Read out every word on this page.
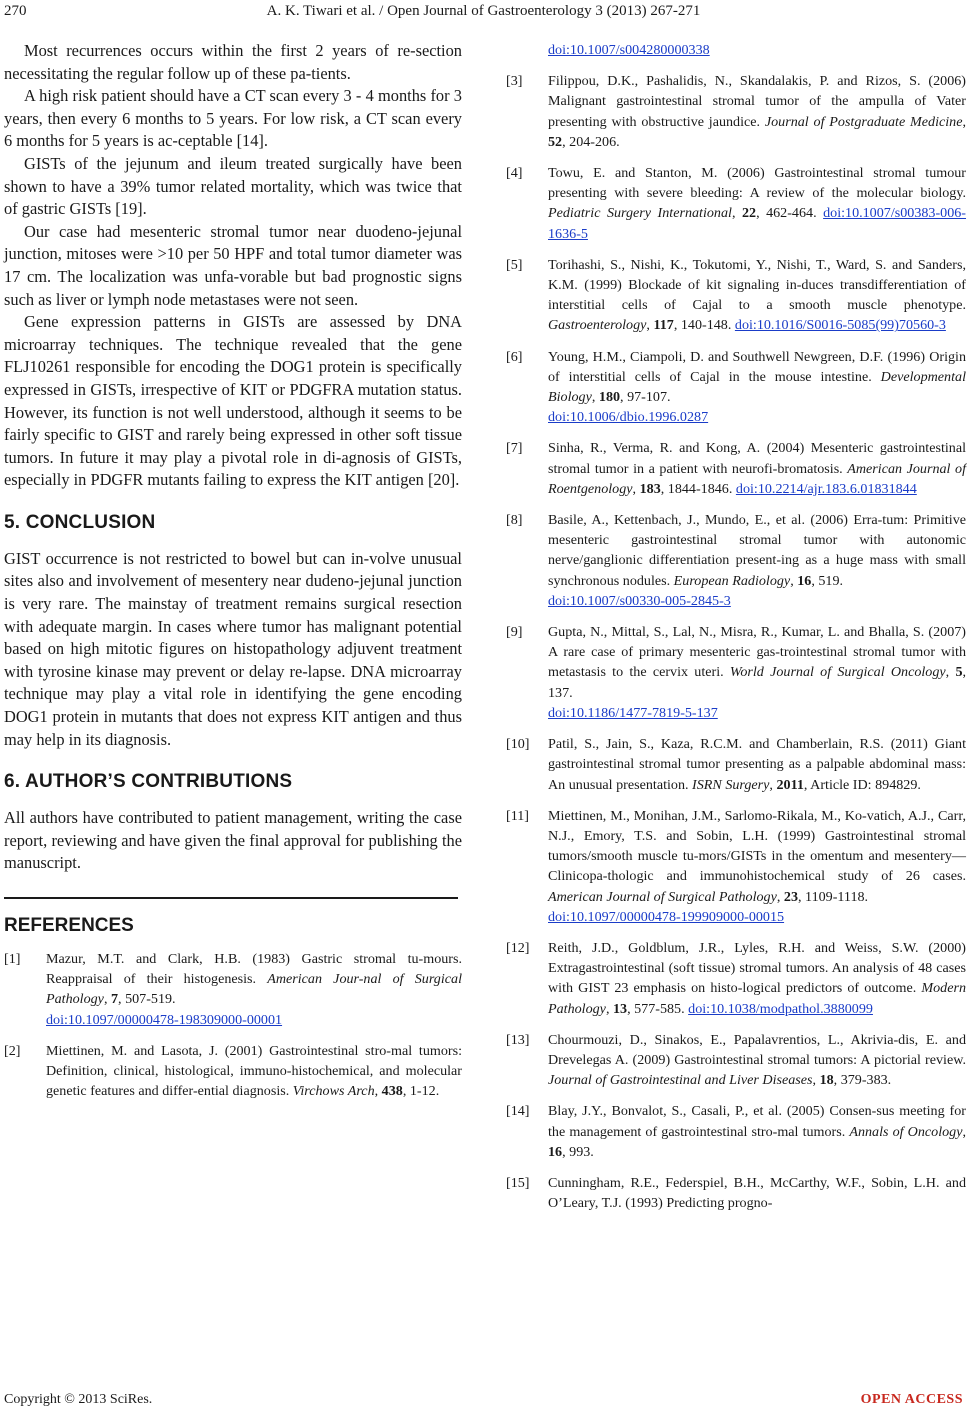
270	A. K. Tiwari et al. / Open Journal of Gastroenterology 3 (2013) 267-271

Most recurrences occurs within the first 2 years of re-section necessitating the regular follow up of these pa-tients.

A high risk patient should have a CT scan every 3 - 4 months for 3 years, then every 6 months to 5 years. For low risk, a CT scan every 6 months for 5 years is ac-ceptable [14].

GISTs of the jejunum and ileum treated surgically have been shown to have a 39% tumor related mortality, which was twice that of gastric GISTs [19].

Our case had mesenteric stromal tumor near duodeno-jejunal junction, mitoses were >10 per 50 HPF and total tumor diameter was 17 cm. The localization was unfa-vorable but bad prognostic signs such as liver or lymph node metastases were not seen.

Gene expression patterns in GISTs are assessed by DNA microarray techniques. The technique revealed that the gene FLJ10261 responsible for encoding the DOG1 protein is specifically expressed in GISTs, irrespective of KIT or PDGFRA mutation status. However, its function is not well understood, although it seems to be fairly specific to GIST and rarely being expressed in other soft tissue tumors. In future it may play a pivotal role in di-agnosis of GISTs, especially in PDGFR mutants failing to express the KIT antigen [20].

5. CONCLUSION

GIST occurrence is not restricted to bowel but can in-volve unusual sites also and involvement of mesentery near dudeno-jejunal junction is very rare. The mainstay of treatment remains surgical resection with adequate margin. In cases where tumor has malignant potential based on high mitotic figures on histopathology adjuvent treatment with tyrosine kinase may prevent or delay re-lapse. DNA microarray technique may play a vital role in identifying the gene encoding DOG1 protein in mutants that does not express KIT antigen and thus may help in its diagnosis.

6. AUTHOR’S CONTRIBUTIONS

All authors have contributed to patient management, writing the case report, reviewing and have given the final approval for publishing the manuscript.

REFERENCES
[1] Mazur, M.T. and Clark, H.B. (1983) Gastric stromal tu-mours. Reappraisal of their histogenesis. American Jour-nal of Surgical Pathology, 7, 507-519.
doi:10.1097/00000478-198309000-00001
[2] Miettinen, M. and Lasota, J. (2001) Gastrointestinal stro-mal tumors: Definition, clinical, histological, immuno-histochemical, and molecular genetic features and differ-ential diagnosis. Virchows Arch, 438, 1-12.
doi:10.1007/s004280000338
[3] Filippou, D.K., Pashalidis, N., Skandalakis, P. and Rizos, S. (2006) Malignant gastrointestinal stromal tumor of the ampulla of Vater presenting with obstructive jaundice. Journal of Postgraduate Medicine, 52, 204-206.
[4] Towu, E. and Stanton, M. (2006) Gastrointestinal stromal tumour presenting with severe bleeding: A review of the molecular biology. Pediatric Surgery International, 22, 462-464. doi:10.1007/s00383-006-1636-5
[5] Torihashi, S., Nishi, K., Tokutomi, Y., Nishi, T., Ward, S. and Sanders, K.M. (1999) Blockade of kit signaling in-duces transdifferentiation of interstitial cells of Cajal to a smooth muscle phenotype. Gastroenterology, 117, 140-148. doi:10.1016/S0016-5085(99)70560-3
[6] Young, H.M., Ciampoli, D. and Southwell Newgreen, D.F. (1996) Origin of interstitial cells of Cajal in the mouse intestine. Developmental Biology, 180, 97-107.
doi:10.1006/dbio.1996.0287
[7] Sinha, R., Verma, R. and Kong, A. (2004) Mesenteric gastrointestinal stromal tumor in a patient with neurofi-bromatosis. American Journal of Roentgenology, 183, 1844-1846. doi:10.2214/ajr.183.6.01831844
[8] Basile, A., Kettenbach, J., Mundo, E., et al. (2006) Erra-tum: Primitive mesenteric gastrointestinal stromal tumor with autonomic nerve/ganglionic differentiation present-ing as a huge mass with small synchronous nodules. European Radiology, 16, 519.
doi:10.1007/s00330-005-2845-3
[9] Gupta, N., Mittal, S., Lal, N., Misra, R., Kumar, L. and Bhalla, S. (2007) A rare case of primary mesenteric gas-trointestinal stromal tumor with metastasis to the cervix uteri. World Journal of Surgical Oncology, 5, 137.
doi:10.1186/1477-7819-5-137
[10] Patil, S., Jain, S., Kaza, R.C.M. and Chamberlain, R.S. (2011) Giant gastrointestinal stromal tumor presenting as a palpable abdominal mass: An unusual presentation. ISRN Surgery, 2011, Article ID: 894829.
[11] Miettinen, M., Monihan, J.M., Sarlomo-Rikala, M., Ko-vatich, A.J., Carr, N.J., Emory, T.S. and Sobin, L.H. (1999) Gastrointestinal stromal tumors/smooth muscle tu-mors/GISTs in the omentum and mesentery—Clinicopa-thologic and immunohistochemical study of 26 cases. American Journal of Surgical Pathology, 23, 1109-1118.
doi:10.1097/00000478-199909000-00015
[12] Reith, J.D., Goldblum, J.R., Lyles, R.H. and Weiss, S.W. (2000) Extragastrointestinal (soft tissue) stromal tumors. An analysis of 48 cases with GIST 23 emphasis on histo-logical predictors of outcome. Modern Pathology, 13, 577-585. doi:10.1038/modpathol.3880099
[13] Chourmouzi, D., Sinakos, E., Papalavrentios, L., Akrivia-dis, E. and Drevelegas A. (2009) Gastrointestinal stromal tumors: A pictorial review. Journal of Gastrointestinal and Liver Diseases, 18, 379-383.
[14] Blay, J.Y., Bonvalot, S., Casali, P., et al. (2005) Consen-sus meeting for the management of gastrointestinal stro-mal tumors. Annals of Oncology, 16, 993.
[15] Cunningham, R.E., Federspiel, B.H., McCarthy, W.F., Sobin, L.H. and O’Leary, T.J. (1993) Predicting progno-
Copyright © 2013 SciRes.	OPEN ACCESS
